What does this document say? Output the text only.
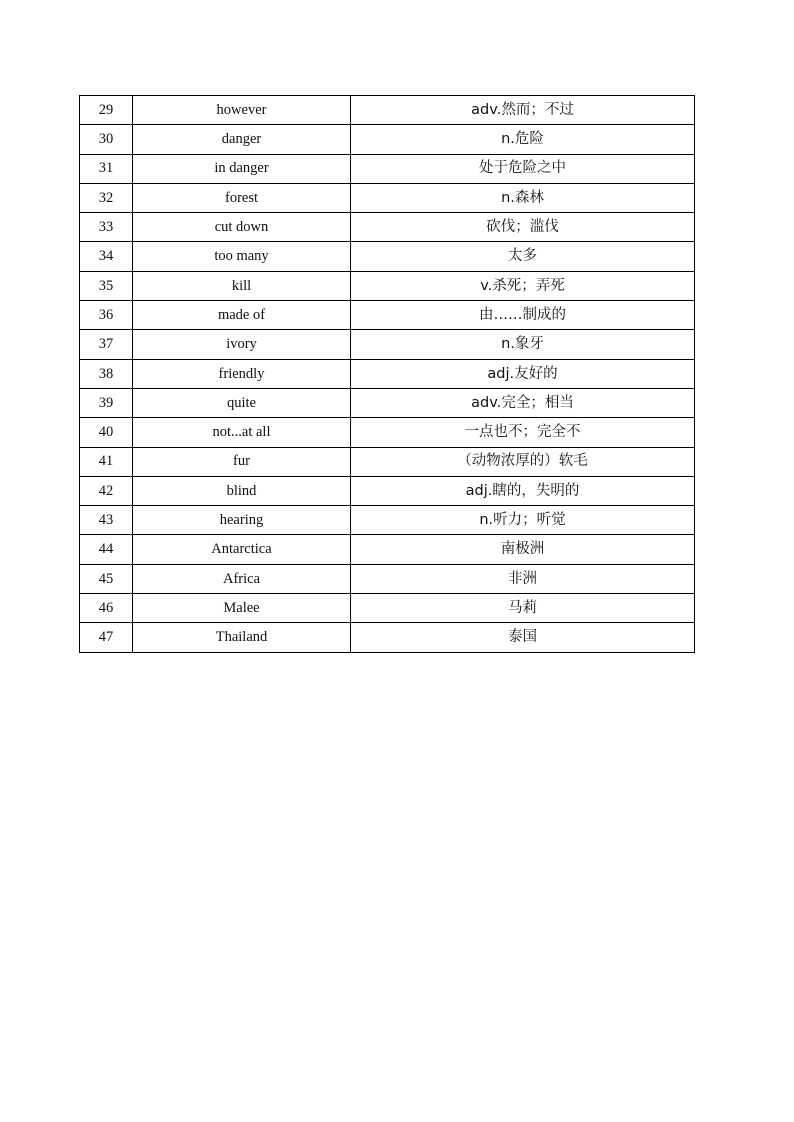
29	however	adv.然而；不过
30	danger	n.危险
31	in danger	处于危险之中
32	forest	n.森林
33	cut down	砍伐；滥伐
34	too many	太多
35	kill	v.杀死；弄死
36	made of	由……制成的
37	ivory	n.象牙
38	friendly	adj.友好的
39	quite	adv.完全；相当
40	not...at all	一点也不；完全不
41	fur	（动物浓厚的）软毛
42	blind	adj.瞎的，失明的
43	hearing	n.听力；听觉
44	Antarctica	南极洲
45	Africa	非洲
46	Malee	马莉
47	Thailand	泰国
